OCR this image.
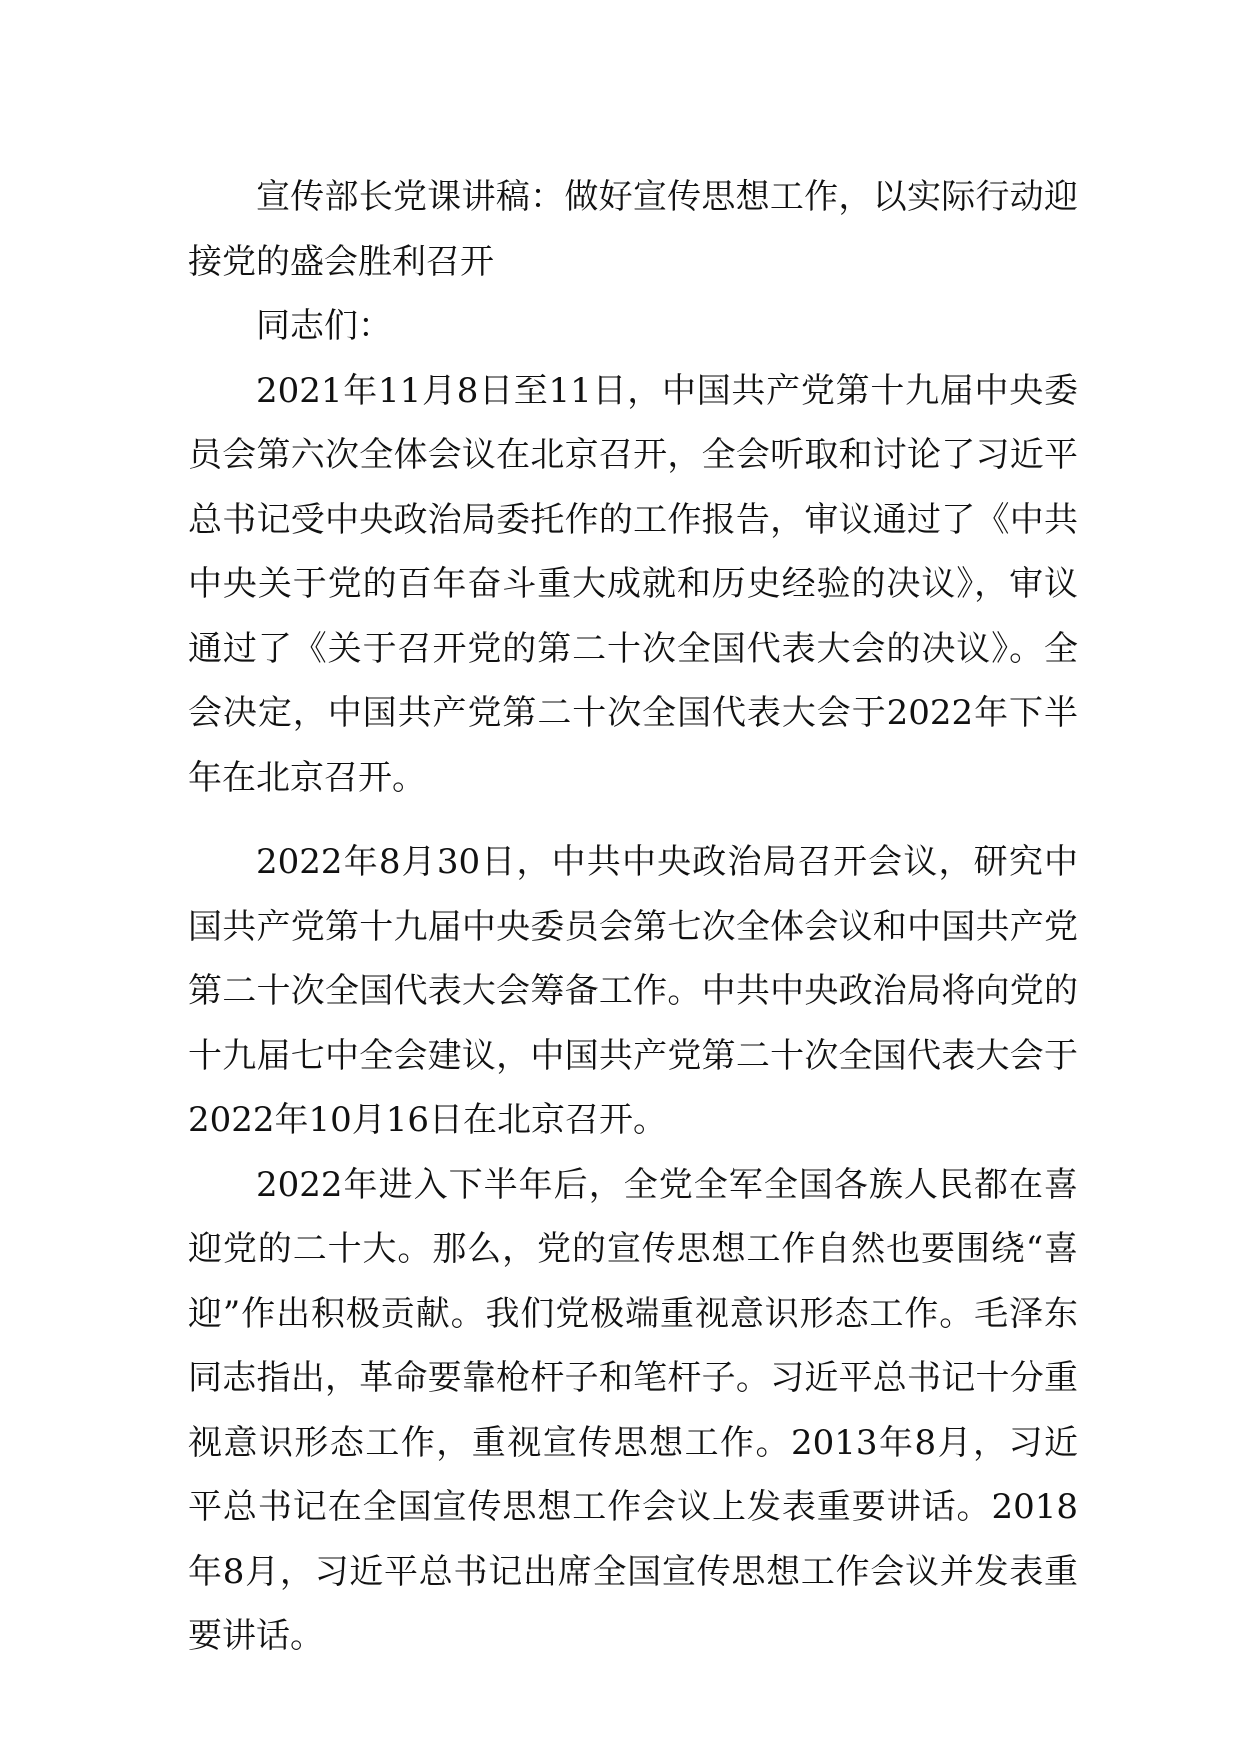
宣传部长党课讲稿：做好宣传思想工作，以实际行动迎接党的盛会胜利召开

同志们：

2021年11月8日至11日，中国共产党第十九届中央委员会第六次全体会议在北京召开，全会听取和讨论了习近平总书记受中央政治局委托作的工作报告，审议通过了《中共中央关于党的百年奋斗重大成就和历史经验的决议》，审议通过了《关于召开党的第二十次全国代表大会的决议》。全会决定，中国共产党第二十次全国代表大会于2022年下半年在北京召开。

2022年8月30日，中共中央政治局召开会议，研究中国共产党第十九届中央委员会第七次全体会议和中国共产党第二十次全国代表大会筹备工作。中共中央政治局将向党的十九届七中全会建议，中国共产党第二十次全国代表大会于2022年10月16日在北京召开。

2022年进入下半年后，全党全军全国各族人民都在喜迎党的二十大。那么，党的宣传思想工作自然也要围绕“喜迎”作出积极贡献。我们党极端重视意识形态工作。毛泽东同志指出，革命要靠枪杆子和笔杆子。习近平总书记十分重视意识形态工作，重视宣传思想工作。2013年8月，习近平总书记在全国宣传思想工作会议上发表重要讲话。2018年8月，习近平总书记出席全国宣传思想工作会议并发表重要讲话。
